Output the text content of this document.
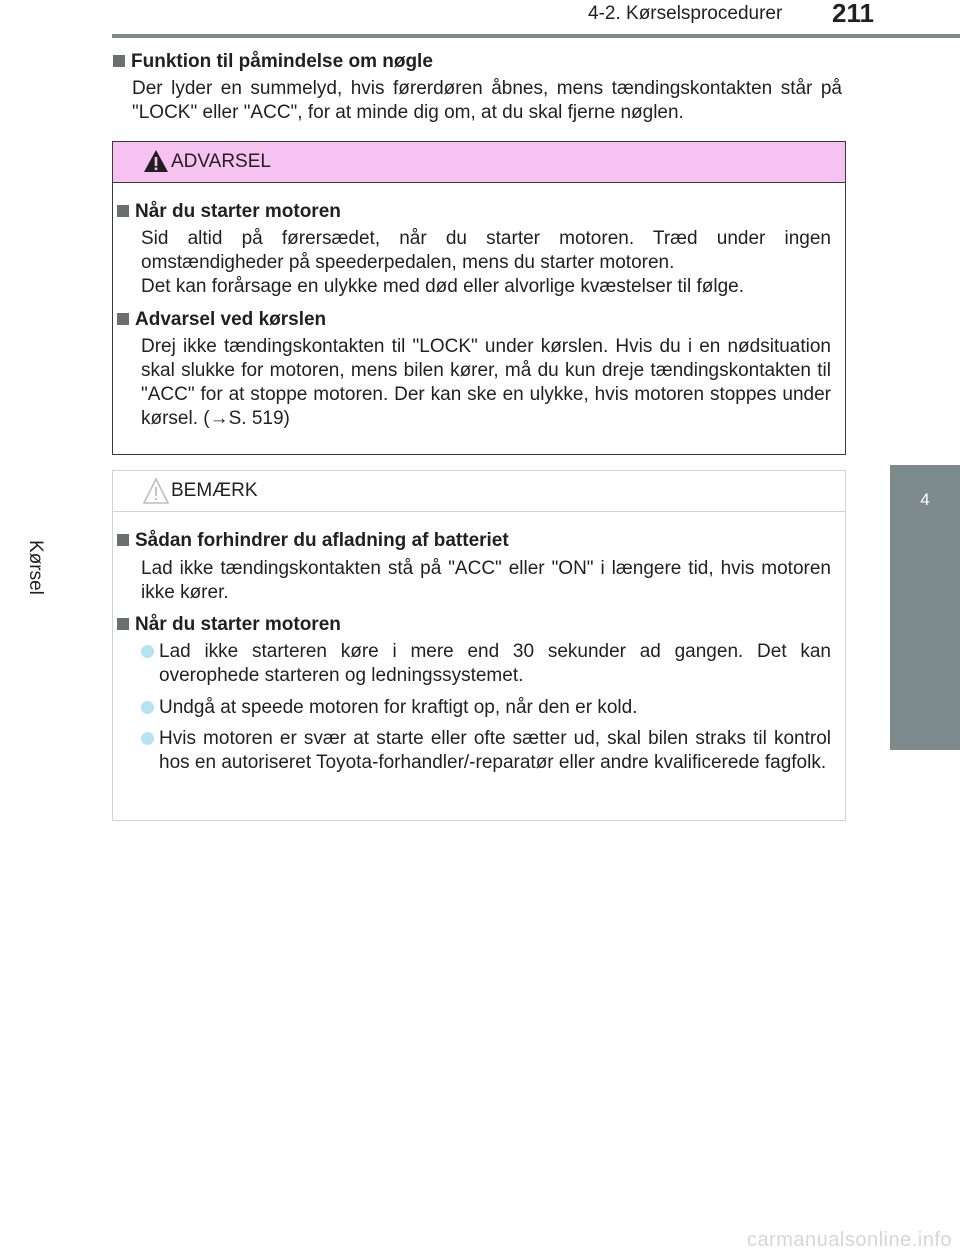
4-2. Kørselsprocedurer 211
4
Kørsel
Funktion til påmindelse om nøgle
Der lyder en summelyd, hvis førerdøren åbnes, mens tændingskontakten står på "LOCK" eller "ACC", for at minde dig om, at du skal fjerne nøglen.
ADVARSEL
Når du starter motoren
Sid altid på førersædet, når du starter motoren. Træd under ingen omstændigheder på speederpedalen, mens du starter motoren.
Det kan forårsage en ulykke med død eller alvorlige kvæstelser til følge.
Advarsel ved kørslen
Drej ikke tændingskontakten til "LOCK" under kørslen. Hvis du i en nødsituation skal slukke for motoren, mens bilen kører, må du kun dreje tændingskontakten til "ACC" for at stoppe motoren. Der kan ske en ulykke, hvis motoren stoppes under kørsel. (→S. 519)
BEMÆRK
Sådan forhindrer du afladning af batteriet
Lad ikke tændingskontakten stå på "ACC" eller "ON" i længere tid, hvis motoren ikke kører.
Når du starter motoren
Lad ikke starteren køre i mere end 30 sekunder ad gangen. Det kan overophede starteren og ledningssystemet.
Undgå at speede motoren for kraftigt op, når den er kold.
Hvis motoren er svær at starte eller ofte sætter ud, skal bilen straks til kontrol hos en autoriseret Toyota-forhandler/-reparatør eller andre kvalificerede fagfolk.
carmanualsonline.info
